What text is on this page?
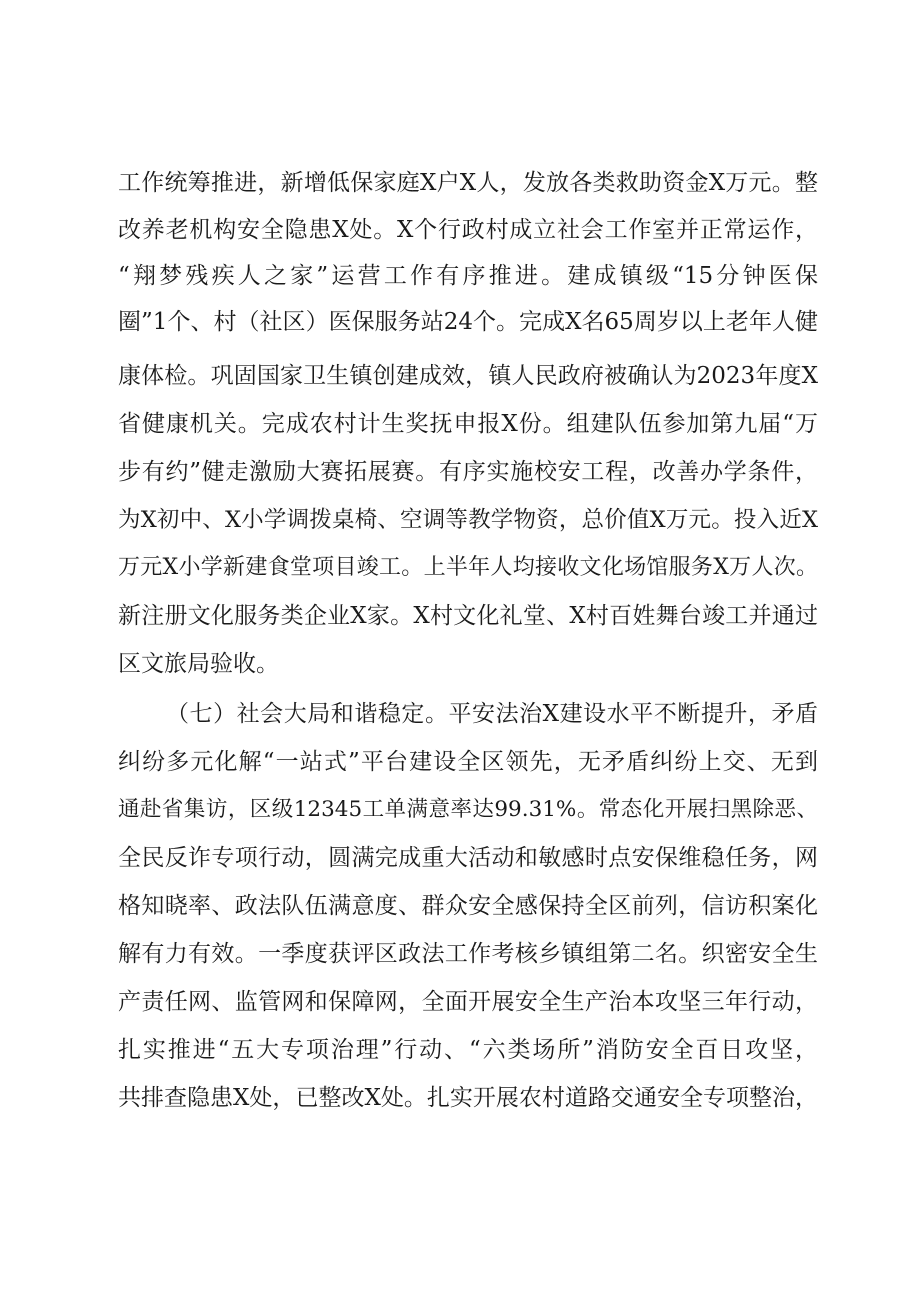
工作统筹推进，新增低保家庭X户X人，发放各类救助资金X万元。整
改养老机构安全隐患X处。X个行政村成立社会工作室并正常运作，
“翔梦残疾人之家”运营工作有序推进。建成镇级“15分钟医保
圈”1个、村（社区）医保服务站24个。完成X名65周岁以上老年人健
康体检。巩固国家卫生镇创建成效，镇人民政府被确认为2023年度X
省健康机关。完成农村计生奖抚申报X份。组建队伍参加第九届“万
步有约”健走激励大赛拓展赛。有序实施校安工程，改善办学条件，
为X初中、X小学调拨桌椅、空调等教学物资，总价值X万元。投入近X
万元X小学新建食堂项目竣工。上半年人均接收文化场馆服务X万人次。
新注册文化服务类企业X家。X村文化礼堂、X村百姓舞台竣工并通过
区文旅局验收。
（七）社会大局和谐稳定。平安法治X建设水平不断提升，矛盾
纠纷多元化解“一站式”平台建设全区领先，无矛盾纠纷上交、无到
通赴省集访，区级12345工单满意率达99.31%。常态化开展扫黑除恶、
全民反诈专项行动，圆满完成重大活动和敏感时点安保维稳任务，网
格知晓率、政法队伍满意度、群众安全感保持全区前列，信访积案化
解有力有效。一季度获评区政法工作考核乡镇组第二名。织密安全生
产责任网、监管网和保障网，全面开展安全生产治本攻坚三年行动，
扎实推进“五大专项治理”行动、“六类场所”消防安全百日攻坚，
共排查隐患X处，已整改X处。扎实开展农村道路交通安全专项整治，
